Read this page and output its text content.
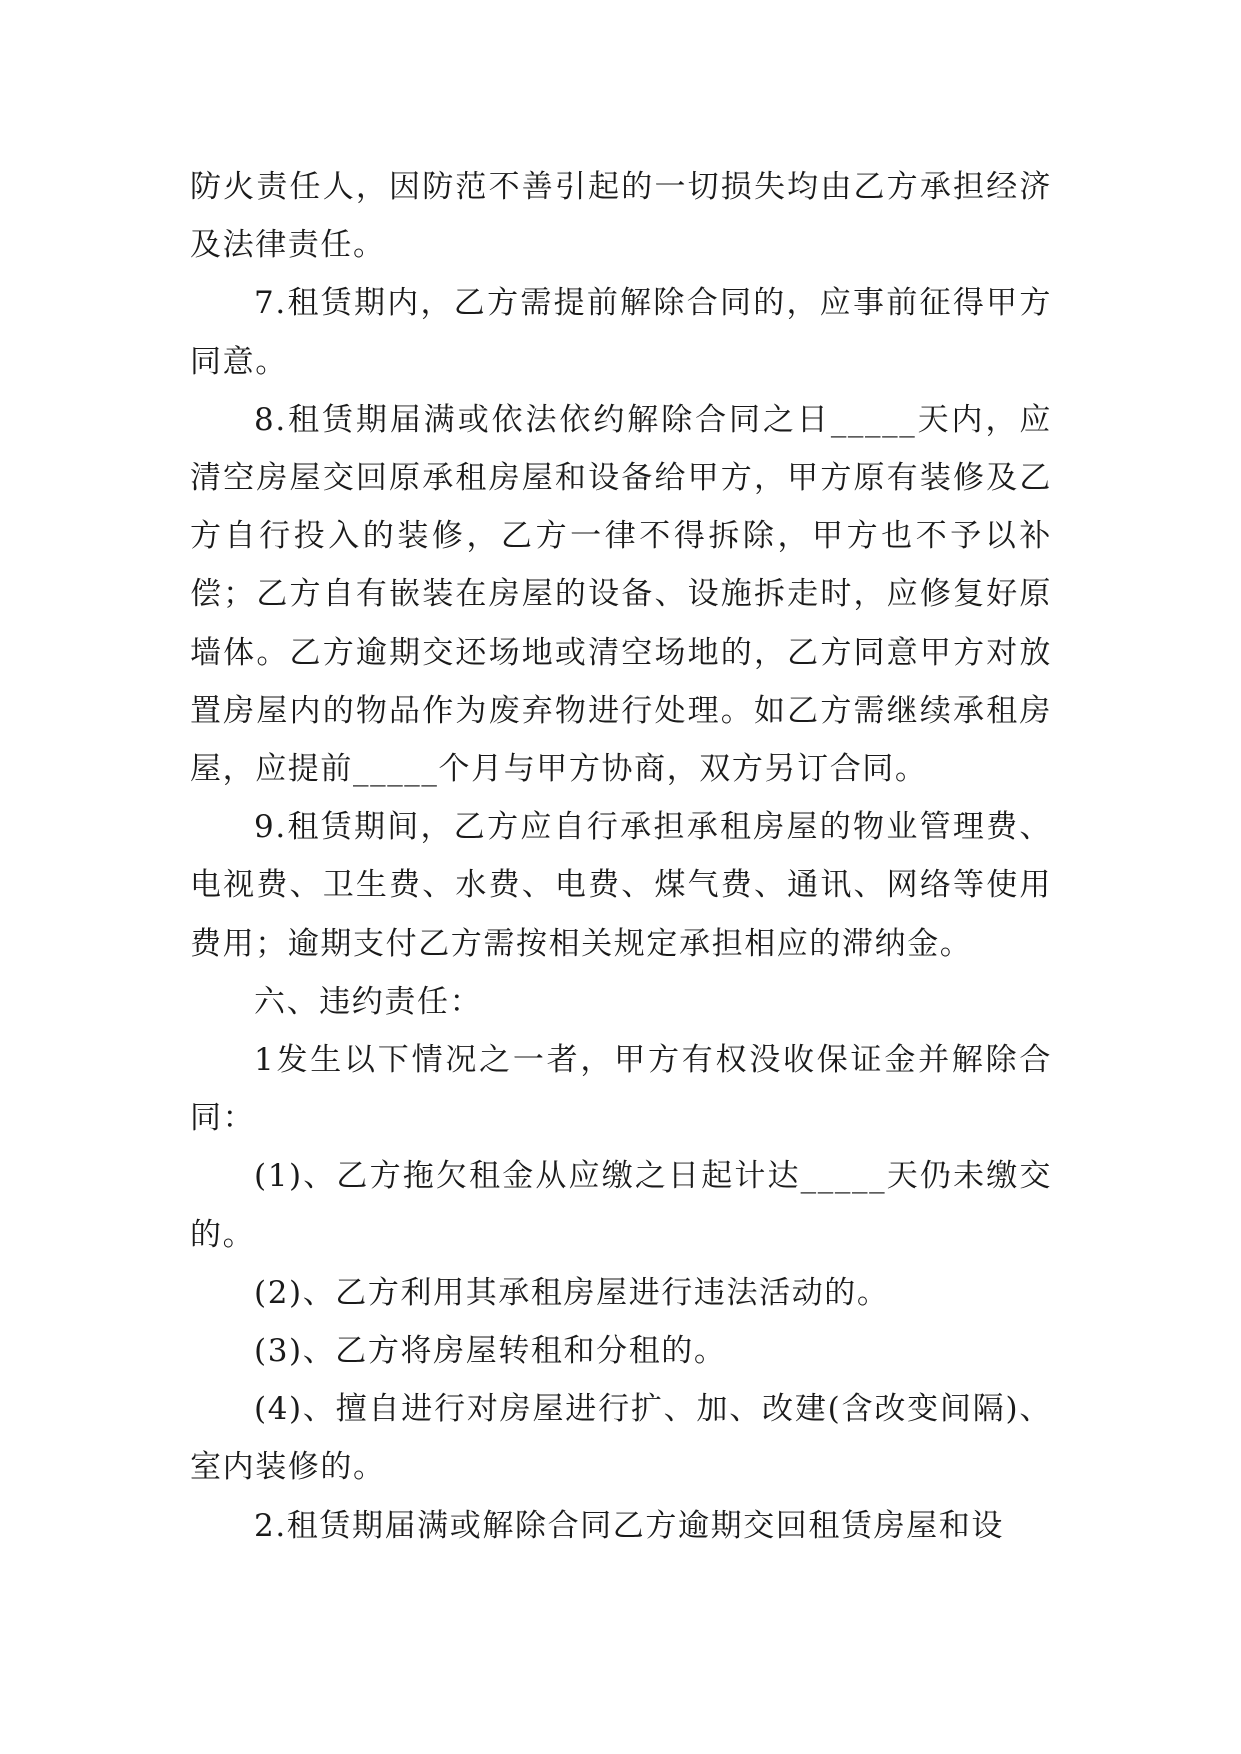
防火责任人，因防范不善引起的一切损失均由乙方承担经济及法律责任。

7.租赁期内，乙方需提前解除合同的，应事前征得甲方同意。

8.租赁期届满或依法依约解除合同之日_____天内，应清空房屋交回原承租房屋和设备给甲方，甲方原有装修及乙方自行投入的装修，乙方一律不得拆除，甲方也不予以补偿；乙方自有嵌装在房屋的设备、设施拆走时，应修复好原墙体。乙方逾期交还场地或清空场地的，乙方同意甲方对放置房屋内的物品作为废弃物进行处理。如乙方需继续承租房屋，应提前_____个月与甲方协商，双方另订合同。

9.租赁期间，乙方应自行承担承租房屋的物业管理费、电视费、卫生费、水费、电费、煤气费、通讯、网络等使用费用；逾期支付乙方需按相关规定承担相应的滞纳金。

六、违约责任：

1发生以下情况之一者，甲方有权没收保证金并解除合同：

(1)、乙方拖欠租金从应缴之日起计达_____天仍未缴交的。

(2)、乙方利用其承租房屋进行违法活动的。

(3)、乙方将房屋转租和分租的。

(4)、擅自进行对房屋进行扩、加、改建(含改变间隔)、室内装修的。

2.租赁期届满或解除合同乙方逾期交回租赁房屋和设
